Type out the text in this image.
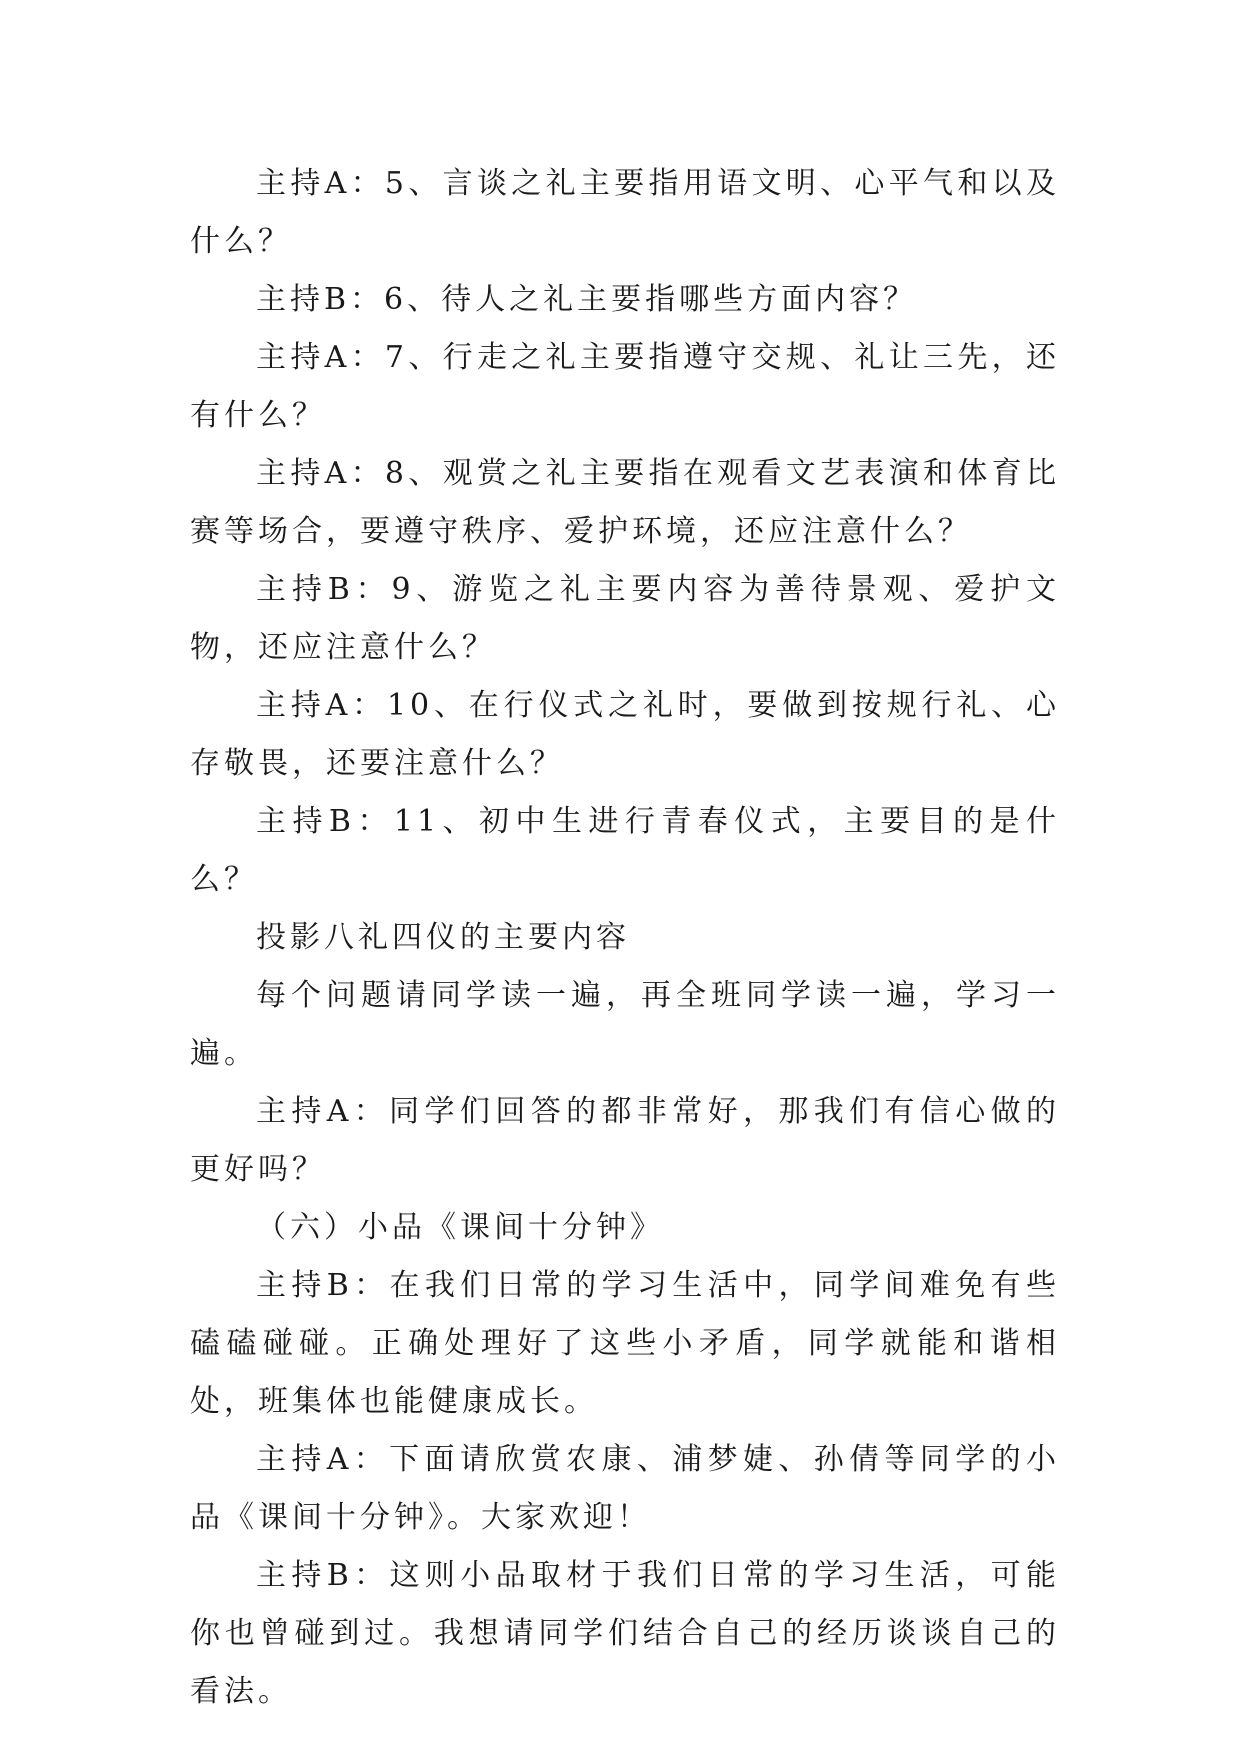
主持A：5、言谈之礼主要指用语文明、心平气和以及什么？

主持B：6、待人之礼主要指哪些方面内容？

主持A：7、行走之礼主要指遵守交规、礼让三先，还有什么？

主持A：8、观赏之礼主要指在观看文艺表演和体育比赛等场合，要遵守秩序、爱护环境，还应注意什么？

主持B：9、游览之礼主要内容为善待景观、爱护文物，还应注意什么？

主持A：10、在行仪式之礼时，要做到按规行礼、心存敬畏，还要注意什么？

主持B：11、初中生进行青春仪式，主要目的是什么？

投影八礼四仪的主要内容

每个问题请同学读一遍，再全班同学读一遍，学习一遍。

主持A：同学们回答的都非常好，那我们有信心做的更好吗？

（六）小品《课间十分钟》

主持B：在我们日常的学习生活中，同学间难免有些磕磕碰碰。正确处理好了这些小矛盾，同学就能和谐相处，班集体也能健康成长。

主持A：下面请欣赏农康、浦梦婕、孙倩等同学的小品《课间十分钟》。大家欢迎！

主持B：这则小品取材于我们日常的学习生活，可能你也曾碰到过。我想请同学们结合自己的经历谈谈自己的看法。
